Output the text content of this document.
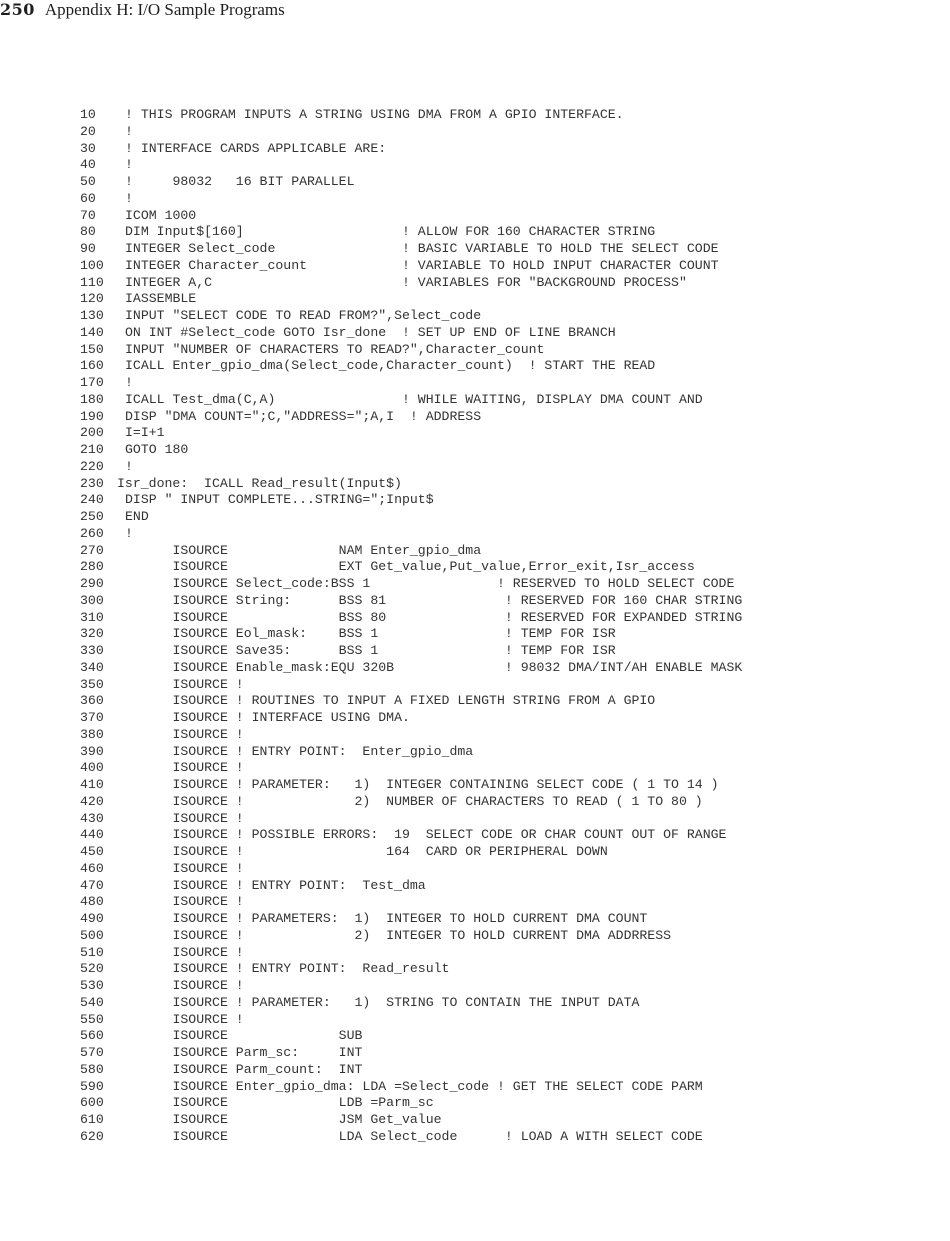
250 Appendix H: I/O Sample Programs
10 ! THIS PROGRAM INPUTS A STRING USING DMA FROM A GPIO INTERFACE.
20 !
30 ! INTERFACE CARDS APPLICABLE ARE:
40 !
50 !     98032   16 BIT PARALLEL
60 !
70 ICOM 1000
80 DIM Input$[160]                    ! ALLOW FOR 160 CHARACTER STRING
90 INTEGER Select_code                ! BASIC VARIABLE TO HOLD THE SELECT CODE
100 INTEGER Character_count            ! VARIABLE TO HOLD INPUT CHARACTER COUNT
110 INTEGER A,C                        ! VARIABLES FOR "BACKGROUND PROCESS"
120 IASSEMBLE
130 INPUT "SELECT CODE TO READ FROM?",Select_code
140 ON INT #Select_code GOTO Isr_done  ! SET UP END OF LINE BRANCH
150 INPUT "NUMBER OF CHARACTERS TO READ?",Character_count
160 ICALL Enter_gpio_dma(Select_code,Character_count)  ! START THE READ
170 !
180 ICALL Test_dma(C,A)                ! WHILE WAITING, DISPLAY DMA COUNT AND
190 DISP "DMA COUNT=";C,"ADDRESS=";A,I  ! ADDRESS
200 I=I+1
210 GOTO 180
220 !
230 Isr_done:  ICALL Read_result(Input$)
240 DISP " INPUT COMPLETE...STRING=";Input$
250 END
260 !
270 ISOURCE              NAM Enter_gpio_dma
280 ISOURCE              EXT Get_value,Put_value,Error_exit,Isr_access
290 ISOURCE Select_code:BSS 1                ! RESERVED TO HOLD SELECT CODE
300 ISOURCE String:      BSS 81               ! RESERVED FOR 160 CHAR STRING
310 ISOURCE              BSS 80               ! RESERVED FOR EXPANDED STRING
320 ISOURCE Eol_mask:    BSS 1                ! TEMP FOR ISR
330 ISOURCE Save35:      BSS 1                ! TEMP FOR ISR
340 ISOURCE Enable_mask:EQU 320B              ! 98032 DMA/INT/AH ENABLE MASK
350 ISOURCE !
360 ISOURCE ! ROUTINES TO INPUT A FIXED LENGTH STRING FROM A GPIO
370 ISOURCE ! INTERFACE USING DMA.
380 ISOURCE !
390 ISOURCE ! ENTRY POINT:  Enter_gpio_dma
400 ISOURCE !
410 ISOURCE ! PARAMETER:   1)  INTEGER CONTAINING SELECT CODE ( 1 TO 14 )
420 ISOURCE !              2)  NUMBER OF CHARACTERS TO READ ( 1 TO 80 )
430 ISOURCE !
440 ISOURCE ! POSSIBLE ERRORS:  19  SELECT CODE OR CHAR COUNT OUT OF RANGE
450 ISOURCE !                  164  CARD OR PERIPHERAL DOWN
460 ISOURCE !
470 ISOURCE ! ENTRY POINT:  Test_dma
480 ISOURCE !
490 ISOURCE ! PARAMETERS:  1)  INTEGER TO HOLD CURRENT DMA COUNT
500 ISOURCE !              2)  INTEGER TO HOLD CURRENT DMA ADDRRESS
510 ISOURCE !
520 ISOURCE ! ENTRY POINT:  Read_result
530 ISOURCE !
540 ISOURCE ! PARAMETER:   1)  STRING TO CONTAIN THE INPUT DATA
550 ISOURCE !
560 ISOURCE              SUB
570 ISOURCE Parm_sc:     INT
580 ISOURCE Parm_count:  INT
590 ISOURCE Enter_gpio_dma: LDA =Select_code ! GET THE SELECT CODE PARM
600 ISOURCE              LDB =Parm_sc
610 ISOURCE              JSM Get_value
620 ISOURCE              LDA Select_code      ! LOAD A WITH SELECT CODE
